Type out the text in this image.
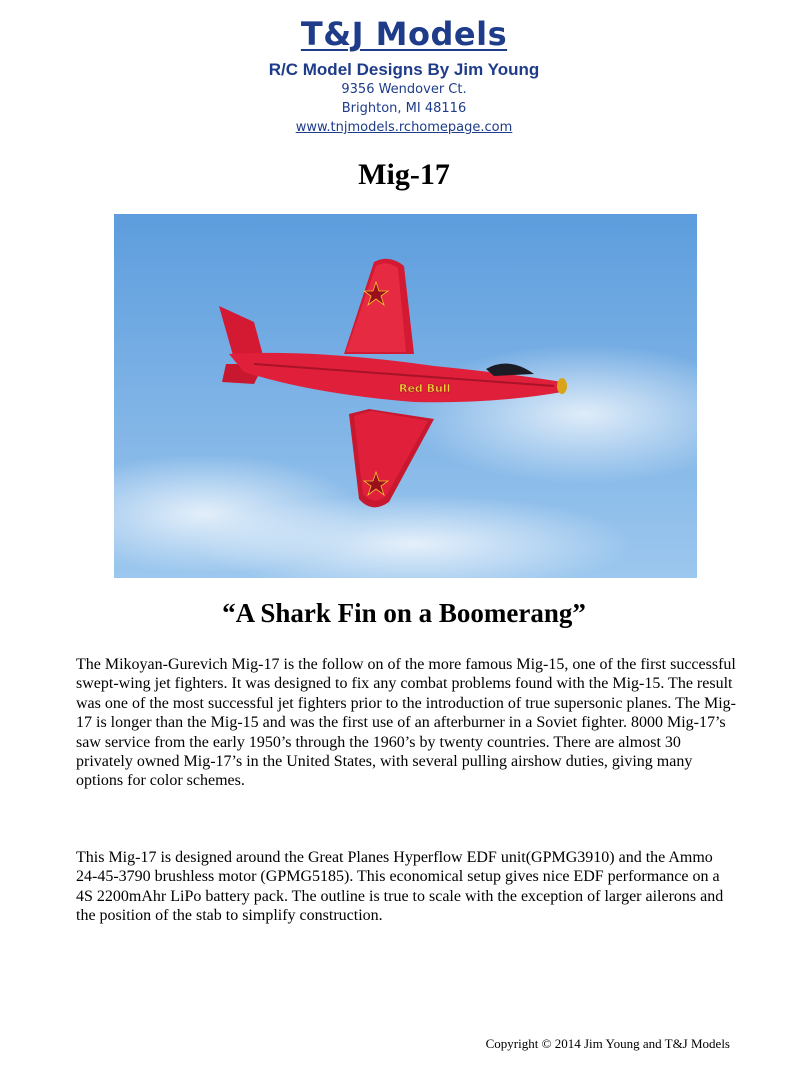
T&J Models
R/C Model Designs By Jim Young
9356 Wendover Ct.
Brighton, MI 48116
www.tnjmodels.rchomepage.com
Mig-17
Red Bull
“A Shark Fin on a Boomerang”

The Mikoyan-Gurevich Mig-17 is the follow on of the more famous Mig-15, one of the first successful swept-wing jet fighters. It was designed to fix any combat problems found with the Mig-15. The result was one of the most successful jet fighters prior to the introduction of true supersonic planes. The Mig-17 is longer than the Mig-15 and was the first use of an afterburner in a Soviet fighter. 8000 Mig-17’s saw service from the early 1950’s through the 1960’s by twenty countries. There are almost 30 privately owned Mig-17’s in the United States, with several pulling airshow duties, giving many options for color schemes.

This Mig-17 is designed around the Great Planes Hyperflow EDF unit(GPMG3910) and the Ammo 24-45-3790 brushless motor (GPMG5185). This economical setup gives nice EDF performance on a 4S 2200mAhr LiPo battery pack. The outline is true to scale with the exception of larger ailerons and the position of the stab to simplify construction.

Copyright © 2014 Jim Young and T&J Models
